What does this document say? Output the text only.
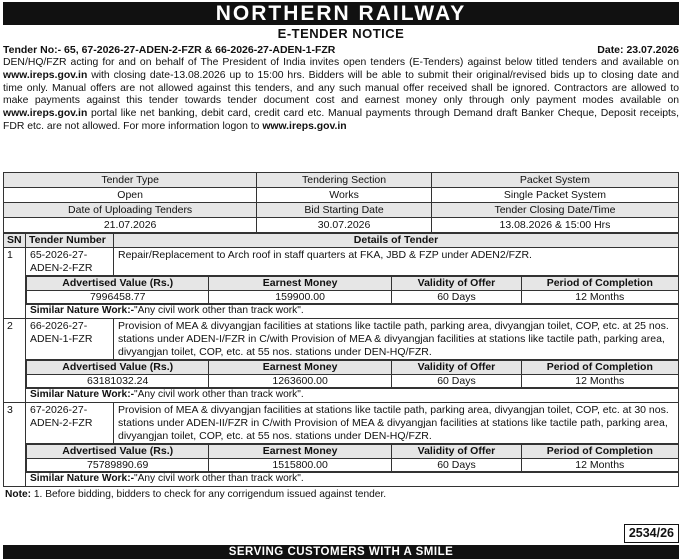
NORTHERN RAILWAY
E-TENDER NOTICE
Tender No:- 65, 67-2026-27-ADEN-2-FZR & 66-2026-27-ADEN-1-FZR	Date: 23.07.2026
DEN/HQ/FZR acting for and on behalf of The President of India invites open tenders (E-Tenders) against below titled tenders and available on www.ireps.gov.in with closing date-13.08.2026 up to 15:00 hrs. Bidders will be able to submit their original/revised bids up to closing date and time only. Manual offers are not allowed against this tenders, and any such manual offer received shall be ignored. Contractors are allowed to make payments against this tender towards tender document cost and earnest money only through only payment modes available on www.ireps.gov.in portal like net banking, debit card, credit card etc. Manual payments through Demand draft Banker Cheque, Deposit receipts, FDR etc. are not allowed. For more information logon to www.ireps.gov.in
Tender Type	Tendering Section	Packet System
Open	Works	Single Packet System
Date of Uploading Tenders	Bid Starting Date	Tender Closing Date/Time
21.07.2026	30.07.2026	13.08.2026 & 15:00 Hrs
SN	Tender Number	Details of Tender
1	65-2026-27-ADEN-2-FZR	Repair/Replacement to Arch roof in staff quarters at FKA, JBD & FZP under ADEN2/FZR.

Advertised Value (Rs.)	Earnest Money	Validity of Offer	Period of Completion
7996458.77	159900.00	60 Days	12 Months

Similar Nature Work:-"Any civil work other than track work".
2	66-2026-27-ADEN-1-FZR	Provision of MEA & divyangjan facilities at stations like tactile path, parking area, divyangjan toilet, COP, etc. at 25 nos. stations under ADEN-I/FZR in C/with Provision of MEA & divyangjan facilities at stations like tactile path, parking area, divyangjan toilet, COP, etc. at 55 nos. stations under DEN-HQ/FZR.

Advertised Value (Rs.)	Earnest Money	Validity of Offer	Period of Completion
63181032.24	1263600.00	60 Days	12 Months

Similar Nature Work:-"Any civil work other than track work".
3	67-2026-27-ADEN-2-FZR	Provision of MEA & divyangjan facilities at stations like tactile path, parking area, divyangjan toilet, COP, etc. at 30 nos. stations under ADEN-II/FZR in C/with Provision of MEA & divyangjan facilities at stations like tactile path, parking area, divyangjan toilet, COP, etc. at 55 nos. stations under DEN-HQ/FZR.

Advertised Value (Rs.)	Earnest Money	Validity of Offer	Period of Completion
75789890.69	1515800.00	60 Days	12 Months

Similar Nature Work:-"Any civil work other than track work".
Note: 1. Before bidding, bidders to check for any corrigendum issued against tender.
2534/26
SERVING CUSTOMERS WITH A SMILE
